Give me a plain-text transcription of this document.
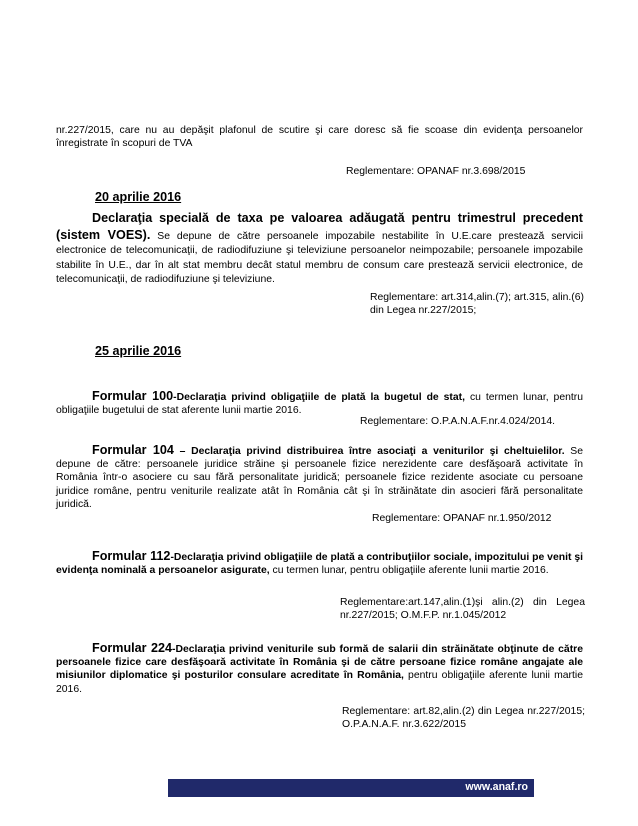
nr.227/2015, care nu au depăşit plafonul de scutire şi care doresc să fie scoase din evidenţa persoanelor înregistrate în scopuri de TVA
Reglementare: OPANAF nr.3.698/2015
20 aprilie 2016
Declaraţia specială de taxa pe valoarea adăugată pentru trimestrul precedent (sistem VOES). Se depune de către persoanele impozabile nestabilite în U.E.care prestează servicii electronice de telecomunicaţii, de radiodifuziune şi televiziune persoanelor neimpozabile; persoanele impozabile stabilite în U.E., dar în alt stat membru decât statul membru de consum care prestează servicii electronice, de telecomunicaţii, de radiodifuziune şi televiziune.
Reglementare: art.314,alin.(7); art.315, alin.(6) din Legea nr.227/2015;
25 aprilie 2016
Formular 100-Declaraţia privind obligaţiile de plată la bugetul de stat, cu termen lunar, pentru obligaţiile bugetului de stat aferente lunii martie 2016.
Reglementare: O.P.A.N.A.F.nr.4.024/2014.
Formular 104 – Declaraţia privind distribuirea între asociaţi a veniturilor şi cheltuielilor. Se depune de către: persoanele juridice străine şi persoanele fizice nerezidente care desfăşoară activitate în România într-o asociere cu sau fără personalitate juridică; persoanele fizice rezidente asociate cu persoane juridice române, pentru veniturile realizate atât în România cât şi în străinătate din asocieri fără personalitate juridică.
Reglementare: OPANAF nr.1.950/2012
Formular 112-Declaraţia privind obligaţiile de plată a contribuţiilor sociale, impozitului pe venit şi evidenţa nominală a persoanelor asigurate, cu termen lunar, pentru obligaţiile aferente lunii martie 2016.
Reglementare:art.147,alin.(1)şi alin.(2) din Legea nr.227/2015; O.M.F.P. nr.1.045/2012
Formular 224-Declaraţia privind veniturile sub formă de salarii din străinătate obţinute de către persoanele fizice care desfăşoară activitate în România şi de către persoane fizice române angajate ale misiunilor diplomatice şi posturilor consulare acreditate în România, pentru obligaţiile aferente lunii martie 2016.
Reglementare: art.82,alin.(2) din Legea nr.227/2015; O.P.A.N.A.F. nr.3.622/2015
www.anaf.ro
